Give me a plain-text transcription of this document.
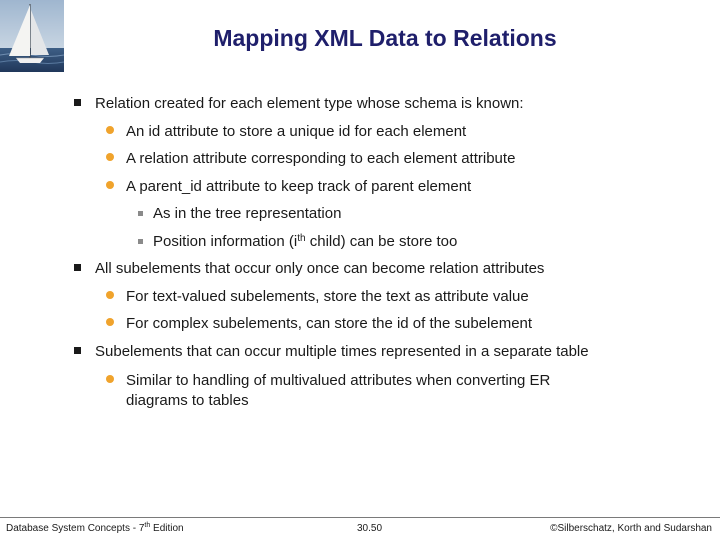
Mapping XML Data to Relations
Relation created for each element type whose schema is known:
An id attribute to store a unique id for each element
A relation attribute corresponding to each element attribute
A parent_id attribute to keep track of parent element
As in the tree representation
Position information ($i^{th}$ child) can be store too
All subelements that occur only once can become relation attributes
For text-valued subelements, store the text as attribute value
For complex subelements, can store the id of the subelement
Subelements that can occur multiple times represented in a separate table
Similar to handling of multivalued attributes when converting ER diagrams to tables
Database System Concepts - 7th Edition	30.50	©Silberschatz, Korth and Sudarshan
